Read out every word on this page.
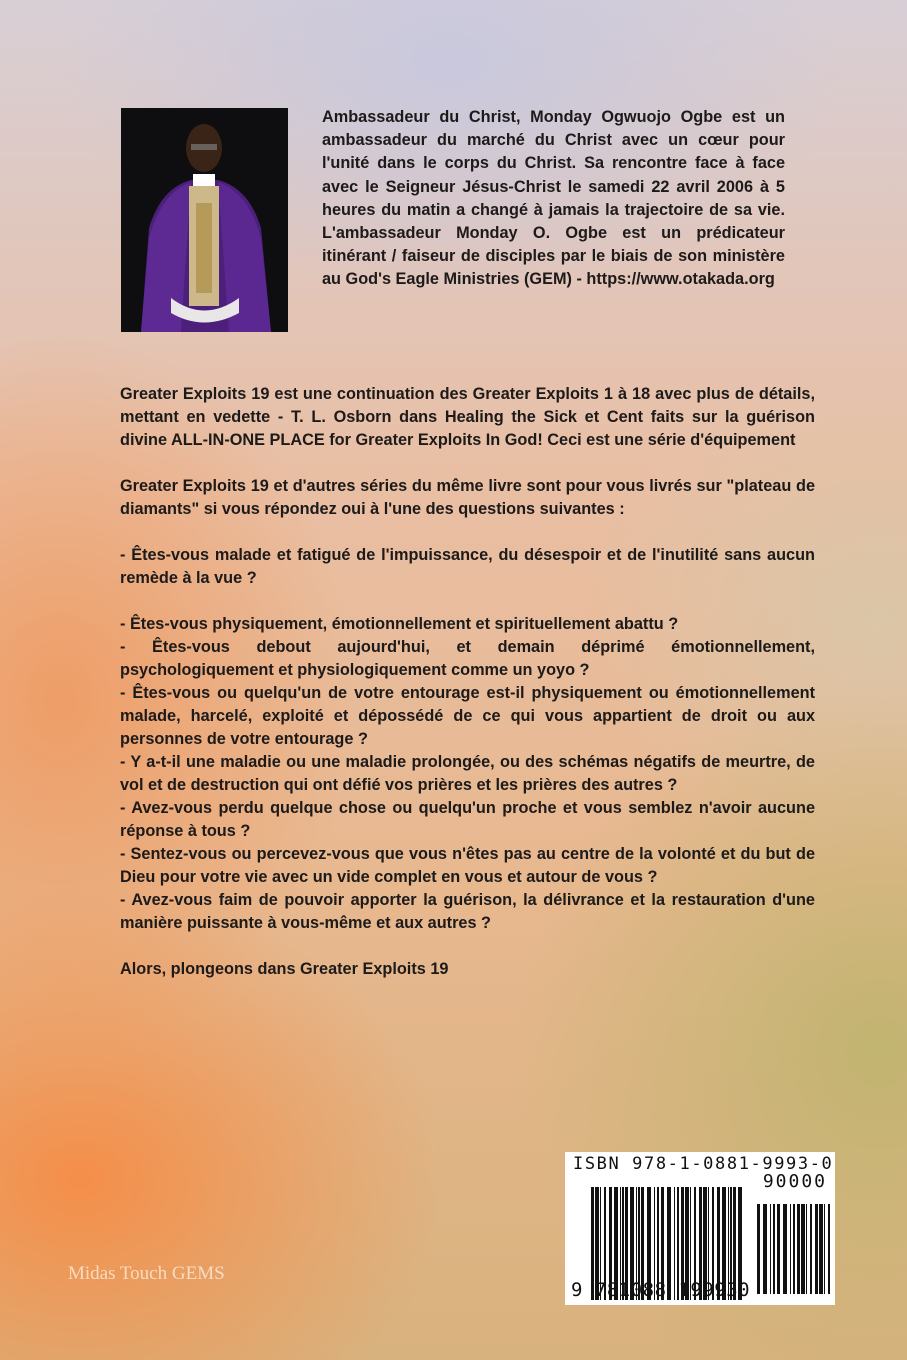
Ambassadeur du Christ, Monday Ogwuojo Ogbe est un ambassadeur du marché du Christ avec un cœur pour l'unité dans le corps du Christ. Sa rencontre face à face avec le Seigneur Jésus-Christ le samedi 22 avril 2006 à 5 heures du matin a changé à jamais la trajectoire de sa vie. L'ambassadeur Monday O. Ogbe est un prédicateur itinérant / faiseur de disciples par le biais de son ministère au God's Eagle Ministries (GEM) - https://www.otakada.org

Greater Exploits 19 est une continuation des Greater Exploits 1 à 18 avec plus de détails, mettant en vedette - T. L. Osborn dans Healing the Sick et Cent faits sur la guérison divine ALL-IN-ONE PLACE for Greater Exploits In God! Ceci est une série d'équipement

Greater Exploits 19 et d'autres séries du même livre sont pour vous livrés sur "plateau de diamants" si vous répondez oui à l'une des questions suivantes :

- Êtes-vous malade et fatigué de l'impuissance, du désespoir et de l'inutilité sans aucun remède à la vue ?

- Êtes-vous physiquement, émotionnellement et spirituellement abattu ?

- Êtes-vous debout aujourd'hui, et demain déprimé émotionnellement, psychologiquement et physiologiquement comme un yoyo ?

- Êtes-vous ou quelqu'un de votre entourage est-il physiquement ou émotionnellement malade, harcelé, exploité et dépossédé de ce qui vous appartient de droit ou aux personnes de votre entourage ?

- Y a-t-il une maladie ou une maladie prolongée, ou des schémas négatifs de meurtre, de vol et de destruction qui ont défié vos prières et les prières des autres ?

- Avez-vous perdu quelque chose ou quelqu'un proche et vous semblez n'avoir aucune réponse à tous ?

- Sentez-vous ou percevez-vous que vous n'êtes pas au centre de la volonté et du but de Dieu pour votre vie avec un vide complet en vous et autour de vous ?

- Avez-vous faim de pouvoir apporter la guérison, la délivrance et la restauration d'une manière puissante à vous-même et aux autres ?

Alors, plongeons dans Greater Exploits 19

Midas Touch GEMS
ISBN 978-1-0881-9993-0
90000
9 781088 199930
